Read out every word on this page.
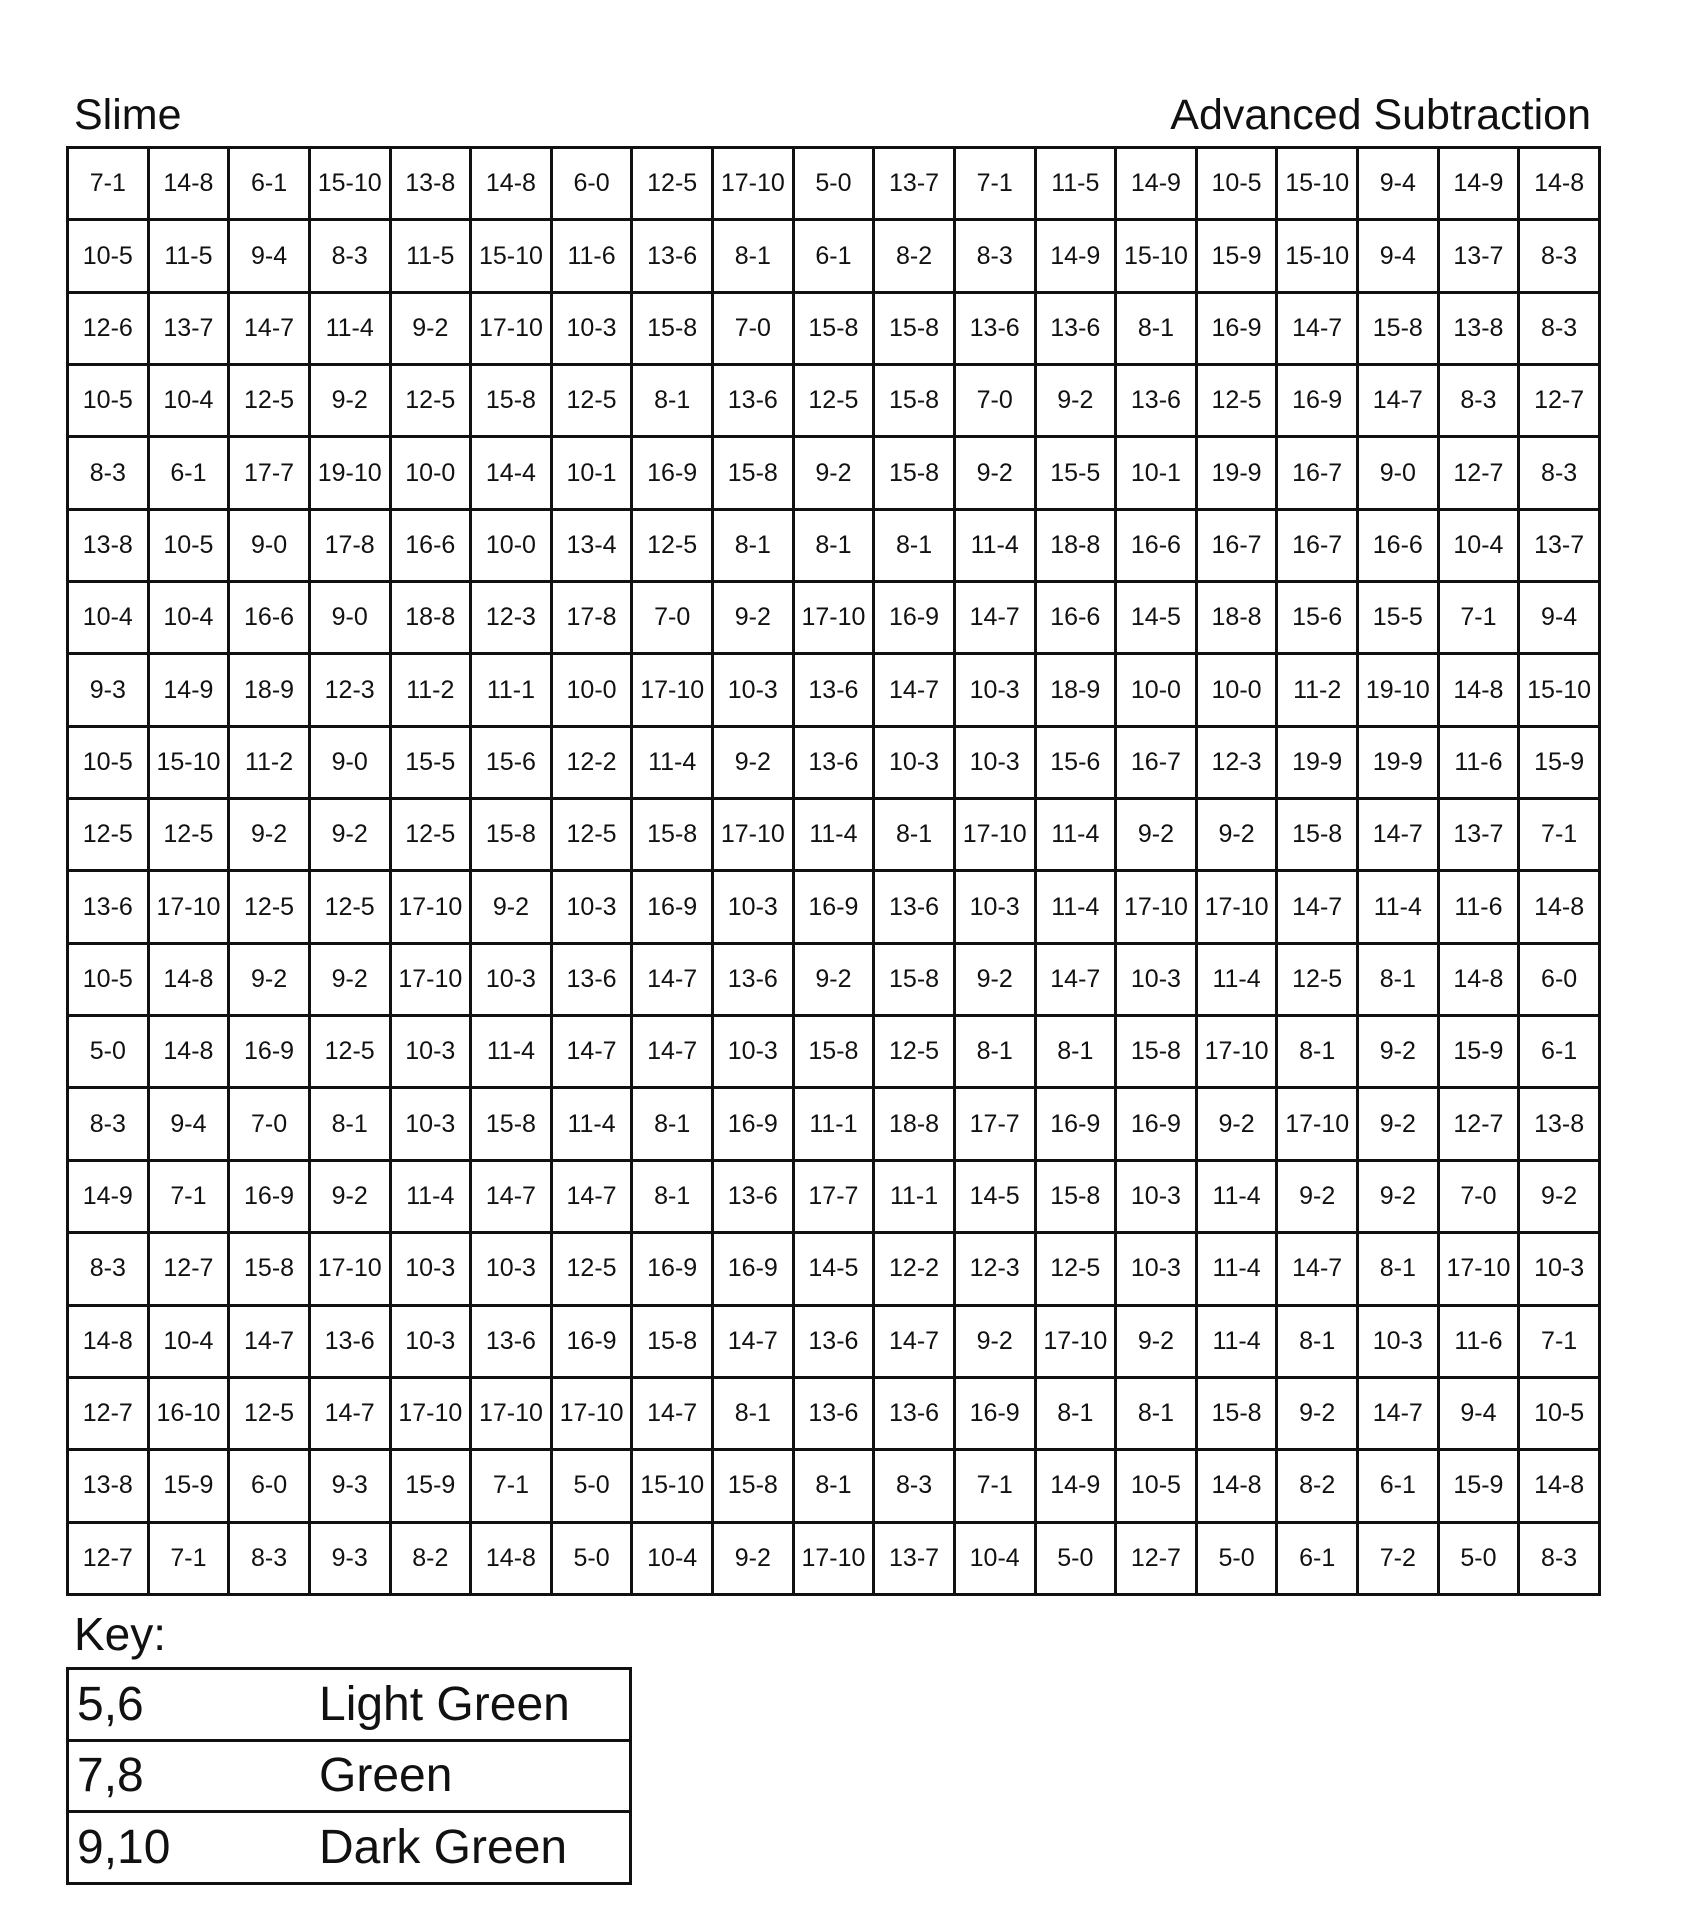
Slime	Advanced Subtraction
7-1	14-8	6-1	15-10	13-8	14-8	6-0	12-5	17-10	5-0	13-7	7-1	11-5	14-9	10-5	15-10	9-4	14-9	14-8
10-5	11-5	9-4	8-3	11-5	15-10	11-6	13-6	8-1	6-1	8-2	8-3	14-9	15-10	15-9	15-10	9-4	13-7	8-3
12-6	13-7	14-7	11-4	9-2	17-10	10-3	15-8	7-0	15-8	15-8	13-6	13-6	8-1	16-9	14-7	15-8	13-8	8-3
10-5	10-4	12-5	9-2	12-5	15-8	12-5	8-1	13-6	12-5	15-8	7-0	9-2	13-6	12-5	16-9	14-7	8-3	12-7
8-3	6-1	17-7	19-10	10-0	14-4	10-1	16-9	15-8	9-2	15-8	9-2	15-5	10-1	19-9	16-7	9-0	12-7	8-3
13-8	10-5	9-0	17-8	16-6	10-0	13-4	12-5	8-1	8-1	8-1	11-4	18-8	16-6	16-7	16-7	16-6	10-4	13-7
10-4	10-4	16-6	9-0	18-8	12-3	17-8	7-0	9-2	17-10	16-9	14-7	16-6	14-5	18-8	15-6	15-5	7-1	9-4
9-3	14-9	18-9	12-3	11-2	11-1	10-0	17-10	10-3	13-6	14-7	10-3	18-9	10-0	10-0	11-2	19-10	14-8	15-10
10-5	15-10	11-2	9-0	15-5	15-6	12-2	11-4	9-2	13-6	10-3	10-3	15-6	16-7	12-3	19-9	19-9	11-6	15-9
12-5	12-5	9-2	9-2	12-5	15-8	12-5	15-8	17-10	11-4	8-1	17-10	11-4	9-2	9-2	15-8	14-7	13-7	7-1
13-6	17-10	12-5	12-5	17-10	9-2	10-3	16-9	10-3	16-9	13-6	10-3	11-4	17-10	17-10	14-7	11-4	11-6	14-8
10-5	14-8	9-2	9-2	17-10	10-3	13-6	14-7	13-6	9-2	15-8	9-2	14-7	10-3	11-4	12-5	8-1	14-8	6-0
5-0	14-8	16-9	12-5	10-3	11-4	14-7	14-7	10-3	15-8	12-5	8-1	8-1	15-8	17-10	8-1	9-2	15-9	6-1
8-3	9-4	7-0	8-1	10-3	15-8	11-4	8-1	16-9	11-1	18-8	17-7	16-9	16-9	9-2	17-10	9-2	12-7	13-8
14-9	7-1	16-9	9-2	11-4	14-7	14-7	8-1	13-6	17-7	11-1	14-5	15-8	10-3	11-4	9-2	9-2	7-0	9-2
8-3	12-7	15-8	17-10	10-3	10-3	12-5	16-9	16-9	14-5	12-2	12-3	12-5	10-3	11-4	14-7	8-1	17-10	10-3
14-8	10-4	14-7	13-6	10-3	13-6	16-9	15-8	14-7	13-6	14-7	9-2	17-10	9-2	11-4	8-1	10-3	11-6	7-1
12-7	16-10	12-5	14-7	17-10	17-10	17-10	14-7	8-1	13-6	13-6	16-9	8-1	8-1	15-8	9-2	14-7	9-4	10-5
13-8	15-9	6-0	9-3	15-9	7-1	5-0	15-10	15-8	8-1	8-3	7-1	14-9	10-5	14-8	8-2	6-1	15-9	14-8
12-7	7-1	8-3	9-3	8-2	14-8	5-0	10-4	9-2	17-10	13-7	10-4	5-0	12-7	5-0	6-1	7-2	5-0	8-3
Key:
5,6	Light Green
7,8	Green
9,10	Dark Green
